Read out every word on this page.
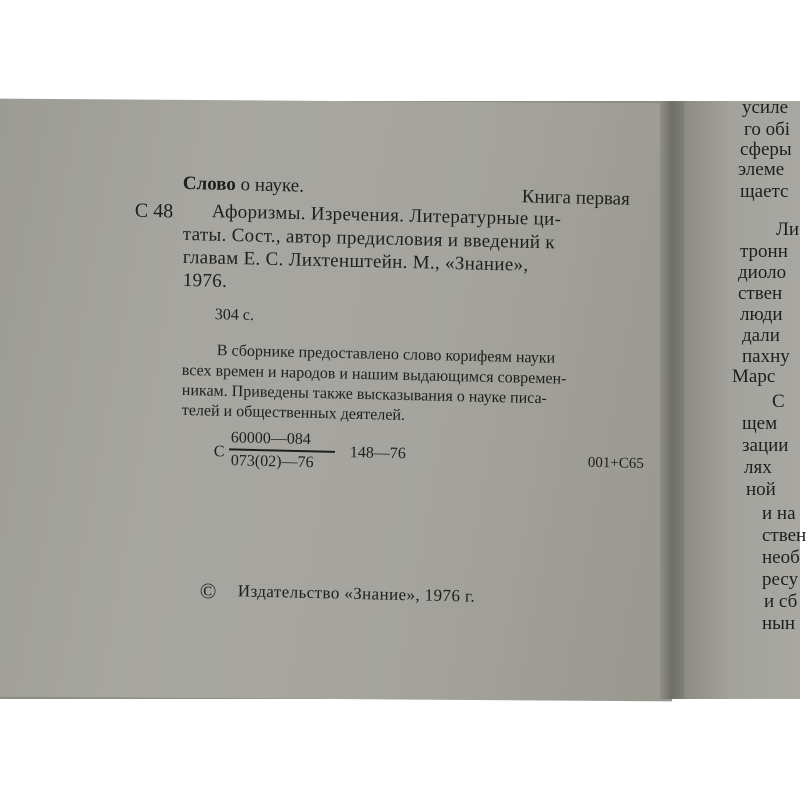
Слово о науке.
Книга первая
С 48 Афоризмы. Изречения. Литературные ци-
таты. Сост., автор предисловия и введений к
главам Е. С. Лихтенштейн. М., «Знание»,
1976.
304 с.
В сборнике предоставлено слово корифеям науки
всех времен и народов и нашим выдающимся современ-
никам. Приведены также высказывания о науке писа-
телей и общественных деятелей.
С
60000—084
073(02)—76 148—76
001+С65
© Издательство «Знание», 1976 г.
усиле
го обі
сферы
элеме
щаетс
Ли
тронн
диоло
ствен
люди
дали
пахну
Марс
С
щем
зации
лях
ной
и на
ствен
необ
ресу
и сб
нын
